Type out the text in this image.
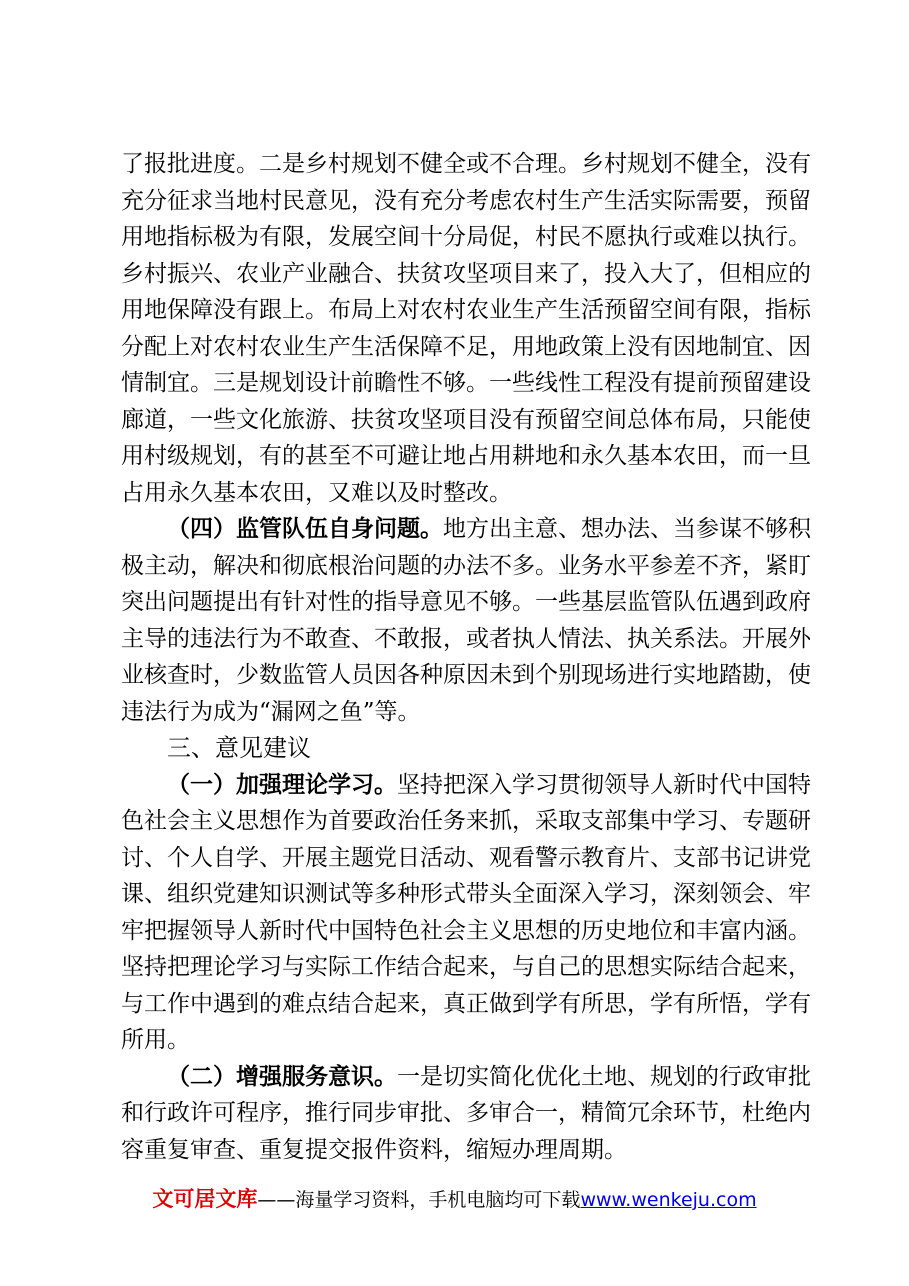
了报批进度。二是乡村规划不健全或不合理。乡村规划不健全，没有充分征求当地村民意见，没有充分考虑农村生产生活实际需要，预留用地指标极为有限，发展空间十分局促，村民不愿执行或难以执行。乡村振兴、农业产业融合、扶贫攻坚项目来了，投入大了，但相应的用地保障没有跟上。布局上对农村农业生产生活预留空间有限，指标分配上对农村农业生产生活保障不足，用地政策上没有因地制宜、因情制宜。三是规划设计前瞻性不够。一些线性工程没有提前预留建设廊道，一些文化旅游、扶贫攻坚项目没有预留空间总体布局，只能使用村级规划，有的甚至不可避让地占用耕地和永久基本农田，而一旦占用永久基本农田，又难以及时整改。

（四）监管队伍自身问题。地方出主意、想办法、当参谋不够积极主动，解决和彻底根治问题的办法不多。业务水平参差不齐，紧盯突出问题提出有针对性的指导意见不够。一些基层监管队伍遇到政府主导的违法行为不敢查、不敢报，或者执人情法、执关系法。开展外业核查时，少数监管人员因各种原因未到个别现场进行实地踏勘，使违法行为成为“漏网之鱼”等。

三、意见建议

（一）加强理论学习。坚持把深入学习贯彻领导人新时代中国特色社会主义思想作为首要政治任务来抓，采取支部集中学习、专题研讨、个人自学、开展主题党日活动、观看警示教育片、支部书记讲党课、组织党建知识测试等多种形式带头全面深入学习，深刻领会、牢牢把握领导人新时代中国特色社会主义思想的历史地位和丰富内涵。坚持把理论学习与实际工作结合起来，与自己的思想实际结合起来，与工作中遇到的难点结合起来，真正做到学有所思，学有所悟，学有所用。

（二）增强服务意识。一是切实简化优化土地、规划的行政审批和行政许可程序，推行同步审批、多审合一，精简冗余环节，杜绝内容重复审查、重复提交报件资料，缩短办理周期。

文可居文库——海量学习资料，手机电脑均可下载www.wenkeju.com
